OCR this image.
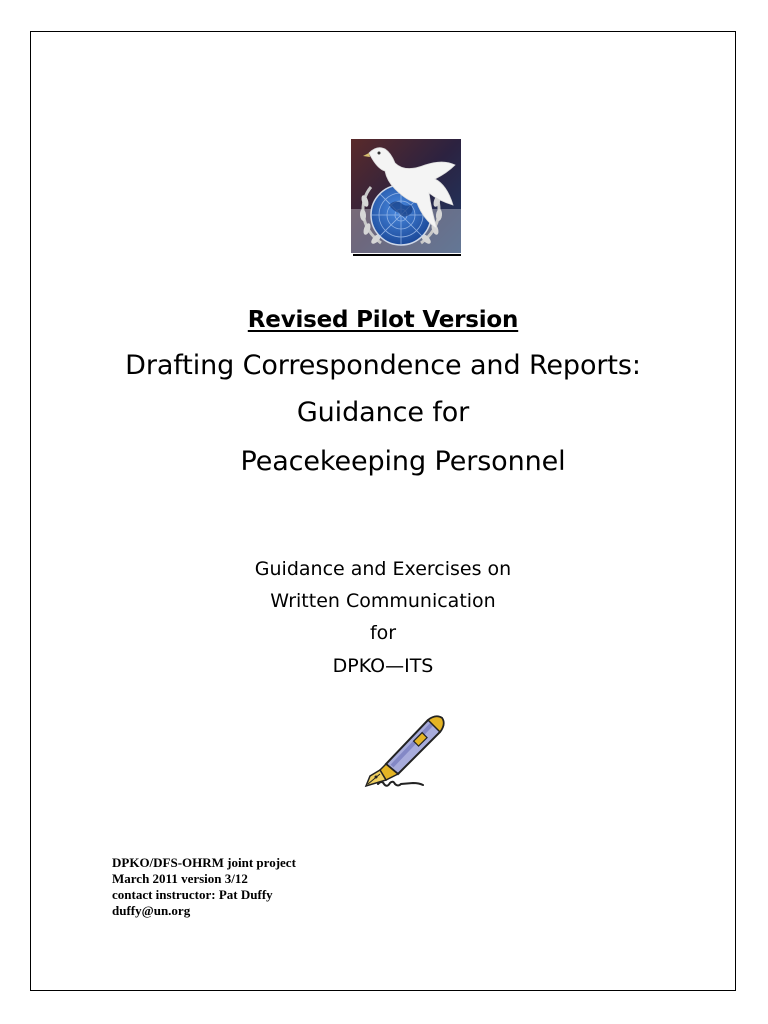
Revised Pilot Version
Drafting Correspondence and Reports:
Guidance for
Peacekeeping Personnel
Guidance and Exercises on
Written Communication
for
DPKO—ITS
DPKO/DFS-OHRM joint project
March 2011 version 3/12
contact instructor: Pat Duffy
duffy@un.org
